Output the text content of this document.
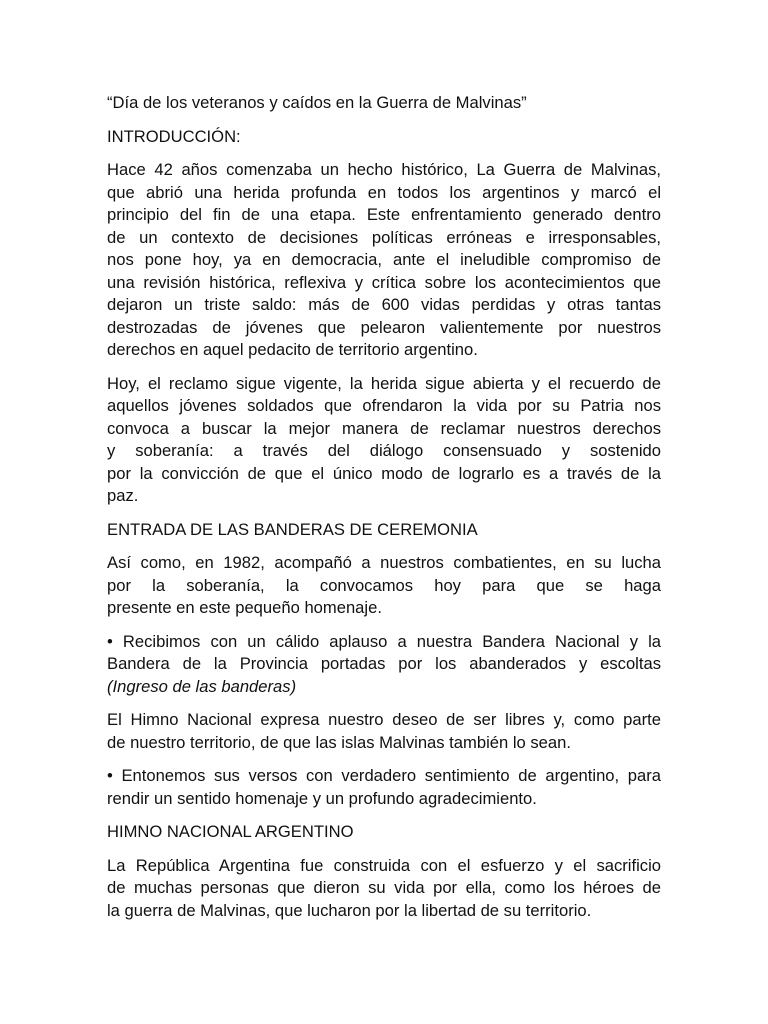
“Día de los veteranos y caídos en la Guerra de Malvinas”
INTRODUCCIÓN:
Hace 42 años comenzaba un hecho histórico, La Guerra de Malvinas,
que abrió una herida profunda en todos los argentinos y marcó el
principio del fin de una etapa. Este enfrentamiento generado dentro
de un contexto de decisiones políticas erróneas e irresponsables,
nos pone hoy, ya en democracia, ante el ineludible compromiso de
una revisión histórica, reflexiva y crítica sobre los acontecimientos que
dejaron un triste saldo: más de 600 vidas perdidas y otras tantas
destrozadas de jóvenes que pelearon valientemente por nuestros
derechos en aquel pedacito de territorio argentino.
Hoy, el reclamo sigue vigente, la herida sigue abierta y el recuerdo de
aquellos jóvenes soldados que ofrendaron la vida por su Patria nos
convoca a buscar la mejor manera de reclamar nuestros derechos
y soberanía: a través del diálogo consensuado y sostenido
por la convicción de que el único modo de lograrlo es a través de la
paz.
ENTRADA DE LAS BANDERAS DE CEREMONIA
Así como, en 1982, acompañó a nuestros combatientes, en su lucha
por la soberanía, la convocamos hoy para que se haga
presente en este pequeño homenaje.
• Recibimos con un cálido aplauso a nuestra Bandera Nacional y la
Bandera de la Provincia portadas por los abanderados y escoltas
(Ingreso de las banderas)
El Himno Nacional expresa nuestro deseo de ser libres y, como parte
de nuestro territorio, de que las islas Malvinas también lo sean.
• Entonemos sus versos con verdadero sentimiento de argentino, para
rendir un sentido homenaje y un profundo agradecimiento.
HIMNO NACIONAL ARGENTINO
La República Argentina fue construida con el esfuerzo y el sacrificio
de muchas personas que dieron su vida por ella, como los héroes de
la guerra de Malvinas, que lucharon por la libertad de su territorio.
